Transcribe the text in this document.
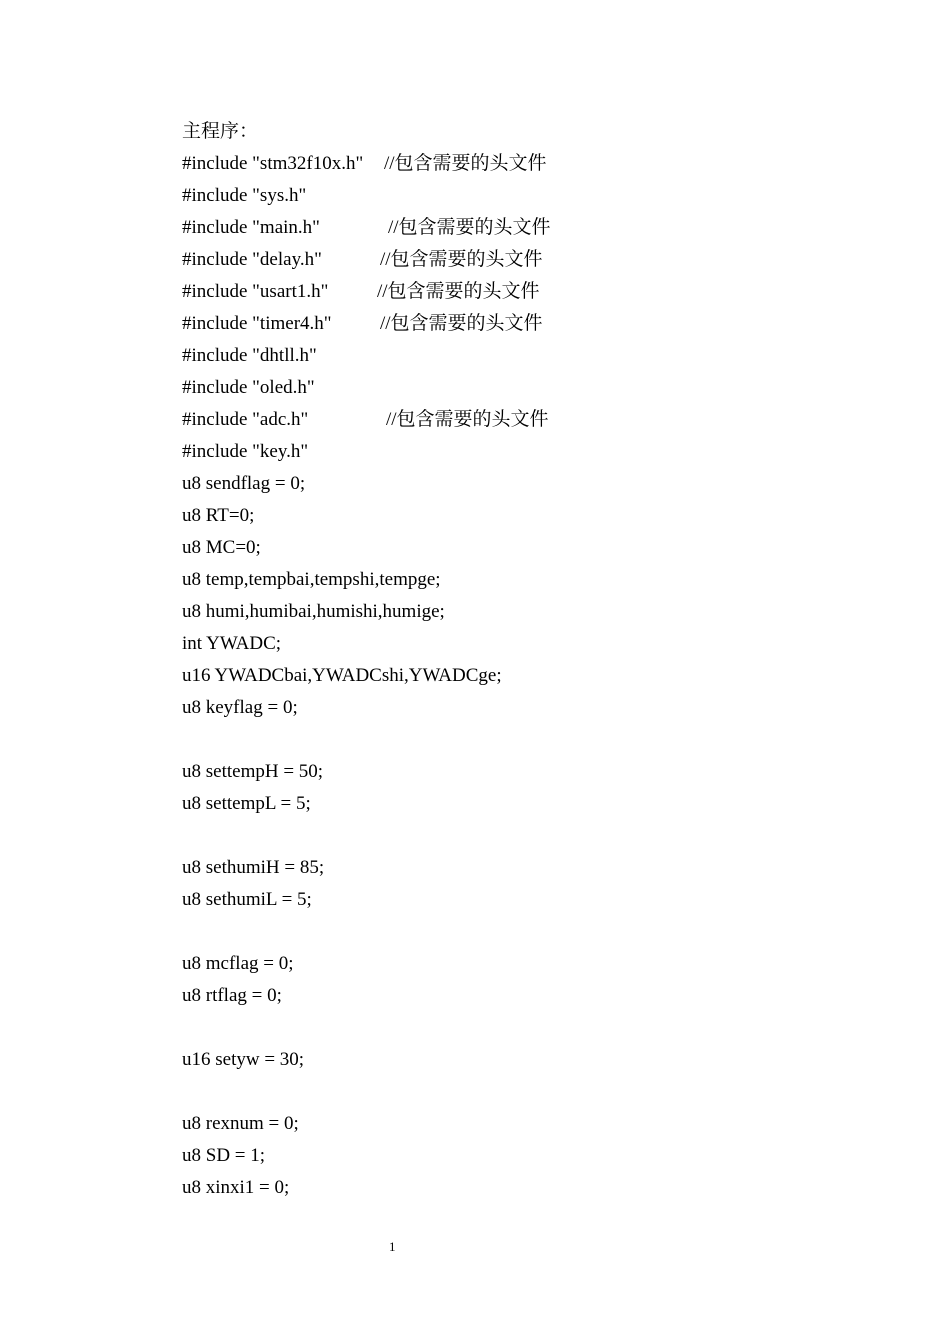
主程序：
#include "stm32f10x.h" //包含需要的头文件
#include "sys.h"
#include "main.h"	//包含需要的头文件
#include "delay.h"	//包含需要的头文件
#include "usart1.h"	//包含需要的头文件
#include "timer4.h"	//包含需要的头文件
#include "dhtll.h"
#include "oled.h"
#include "adc.h"	//包含需要的头文件
#include "key.h"
u8 sendflag = 0;
u8 RT=0;
u8 MC=0;
u8 temp,tempbai,tempshi,tempge;
u8 humi,humibai,humishi,humige;
int YWADC;
u16 YWADCbai,YWADCshi,YWADCge;
u8 keyflag = 0;
u8 settempH = 50;
u8 settempL = 5;
u8 sethumiH = 85;
u8 sethumiL = 5;
u8 mcflag = 0;
u8 rtflag = 0;
u16 setyw = 30;
u8 rexnum = 0;
u8 SD = 1;
u8 xinxi1 = 0;
1
